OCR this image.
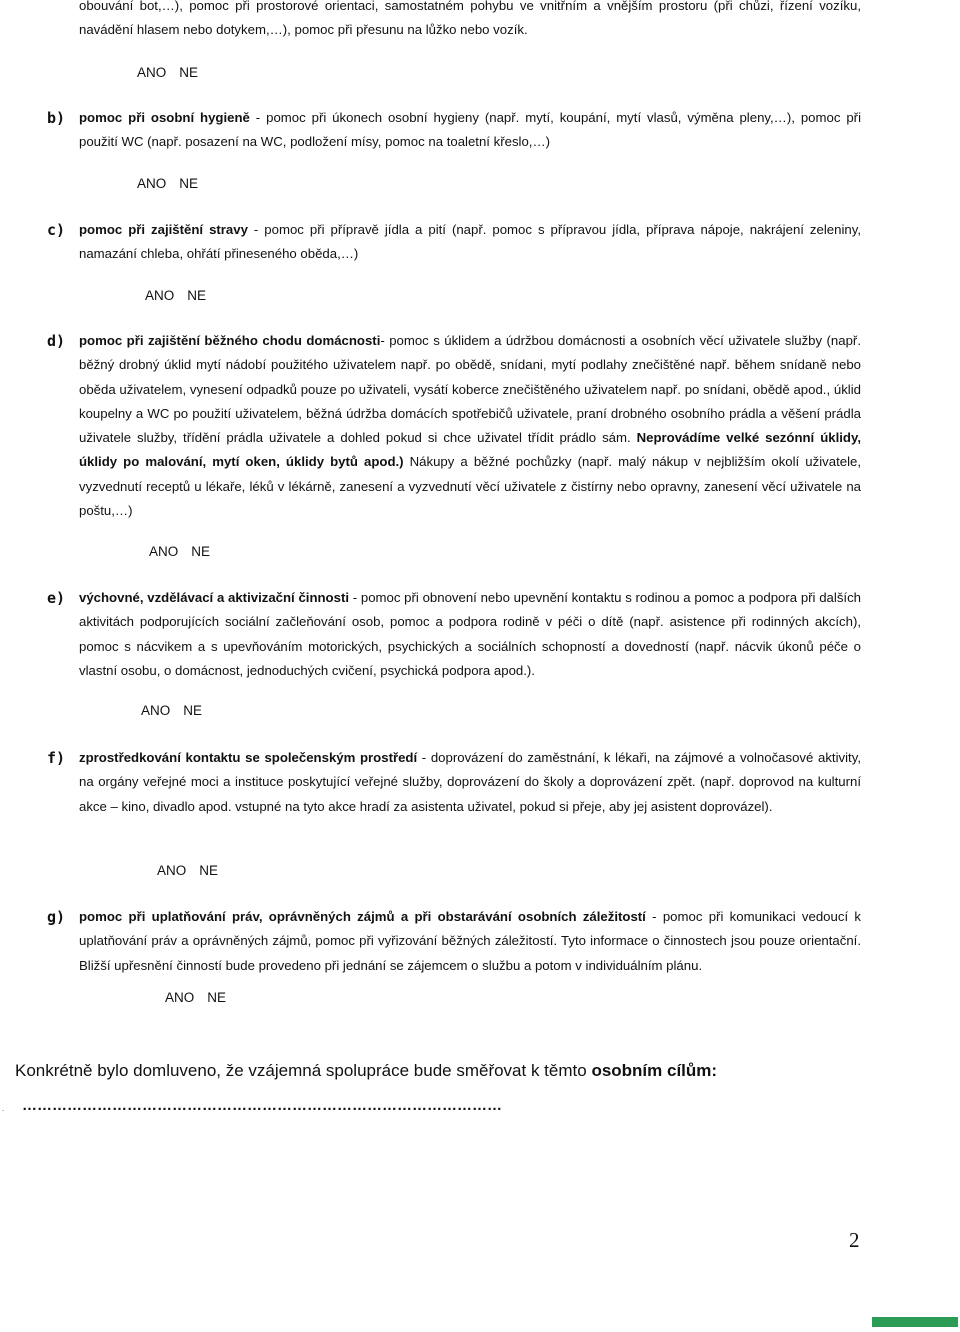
obouvání bot,…), pomoc při prostorové orientaci, samostatném pohybu ve vnitřním a vnějším prostoru (při chůzi, řízení vozíku, navádění hlasem nebo dotykem,…), pomoc při přesunu na lůžko nebo vozík.
ANO NE
b) pomoc při osobní hygieně - pomoc při úkonech osobní hygieny (např. mytí, koupání, mytí vlasů, výměna pleny,…), pomoc při použití WC (např. posazení na WC, podložení mísy, pomoc na toaletní křeslo,…)
ANO NE
c) pomoc při zajištění stravy - pomoc při přípravě jídla a pití (např. pomoc s přípravou jídla, příprava nápoje, nakrájení zeleniny, namazání chleba, ohřátí přineseného oběda,…)
ANO NE
d) pomoc při zajištění běžného chodu domácnosti- pomoc s úklidem a údržbou domácnosti a osobních věcí uživatele služby (např. běžný drobný úklid mytí nádobí použitého uživatelem např. po obědě, snídani, mytí podlahy znečištěné např. během snídaně nebo oběda uživatelem, vynesení odpadků pouze po uživateli, vysátí koberce znečištěného uživatelem např. po snídani, obědě apod., úklid koupelny a WC po použití uživatelem, běžná údržba domácích spotřebičů uživatele, praní drobného osobního prádla a věšení prádla uživatele služby, třídění prádla uživatele a dohled pokud si chce uživatel třídit prádlo sám. Neprovádíme velké sezónní úklidy, úklidy po malování, mytí oken, úklidy bytů apod.) Nákupy a běžné pochůzky (např. malý nákup v nejbližším okolí uživatele, vyzvednutí receptů u lékaře, léků v lékárně, zanesení a vyzvednutí věcí uživatele z čistírny nebo opravny, zanesení věcí uživatele na poštu,…)
ANO NE
e) výchovné, vzdělávací a aktivizační činnosti - pomoc při obnovení nebo upevnění kontaktu s rodinou a pomoc a podpora při dalších aktivitách podporujících sociální začleňování osob, pomoc a podpora rodině v péči o dítě (např. asistence při rodinných akcích), pomoc s nácvikem a s upevňováním motorických, psychických a sociálních schopností a dovedností (např. nácvik úkonů péče o vlastní osobu, o domácnost, jednoduchých cvičení, psychická podpora apod.).
ANO NE
f) zprostředkování kontaktu se společenským prostředí - doprovázení do zaměstnání, k lékaři, na zájmové a volnočasové aktivity, na orgány veřejné moci a instituce poskytující veřejné služby, doprovázení do školy a doprovázení zpět. (např. doprovod na kulturní akce – kino, divadlo apod. vstupné na tyto akce hradí za asistenta uživatel, pokud si přeje, aby jej asistent doprovázel).
ANO NE
g) pomoc při uplatňování práv, oprávněných zájmů a při obstarávání osobních záležitostí - pomoc při komunikaci vedoucí k uplatňování práv a oprávněných zájmů, pomoc při vyřizování běžných záležitostí. Tyto informace o činnostech jsou pouze orientační. Bližší upřesnění činností bude provedeno při jednání se zájemcem o službu a potom v individuálním plánu.
ANO NE
Konkrétně bylo domluveno, že vzájemná spolupráce bude směřovat k těmto osobním cílům:
. ……………………………………………………………………………………
2
